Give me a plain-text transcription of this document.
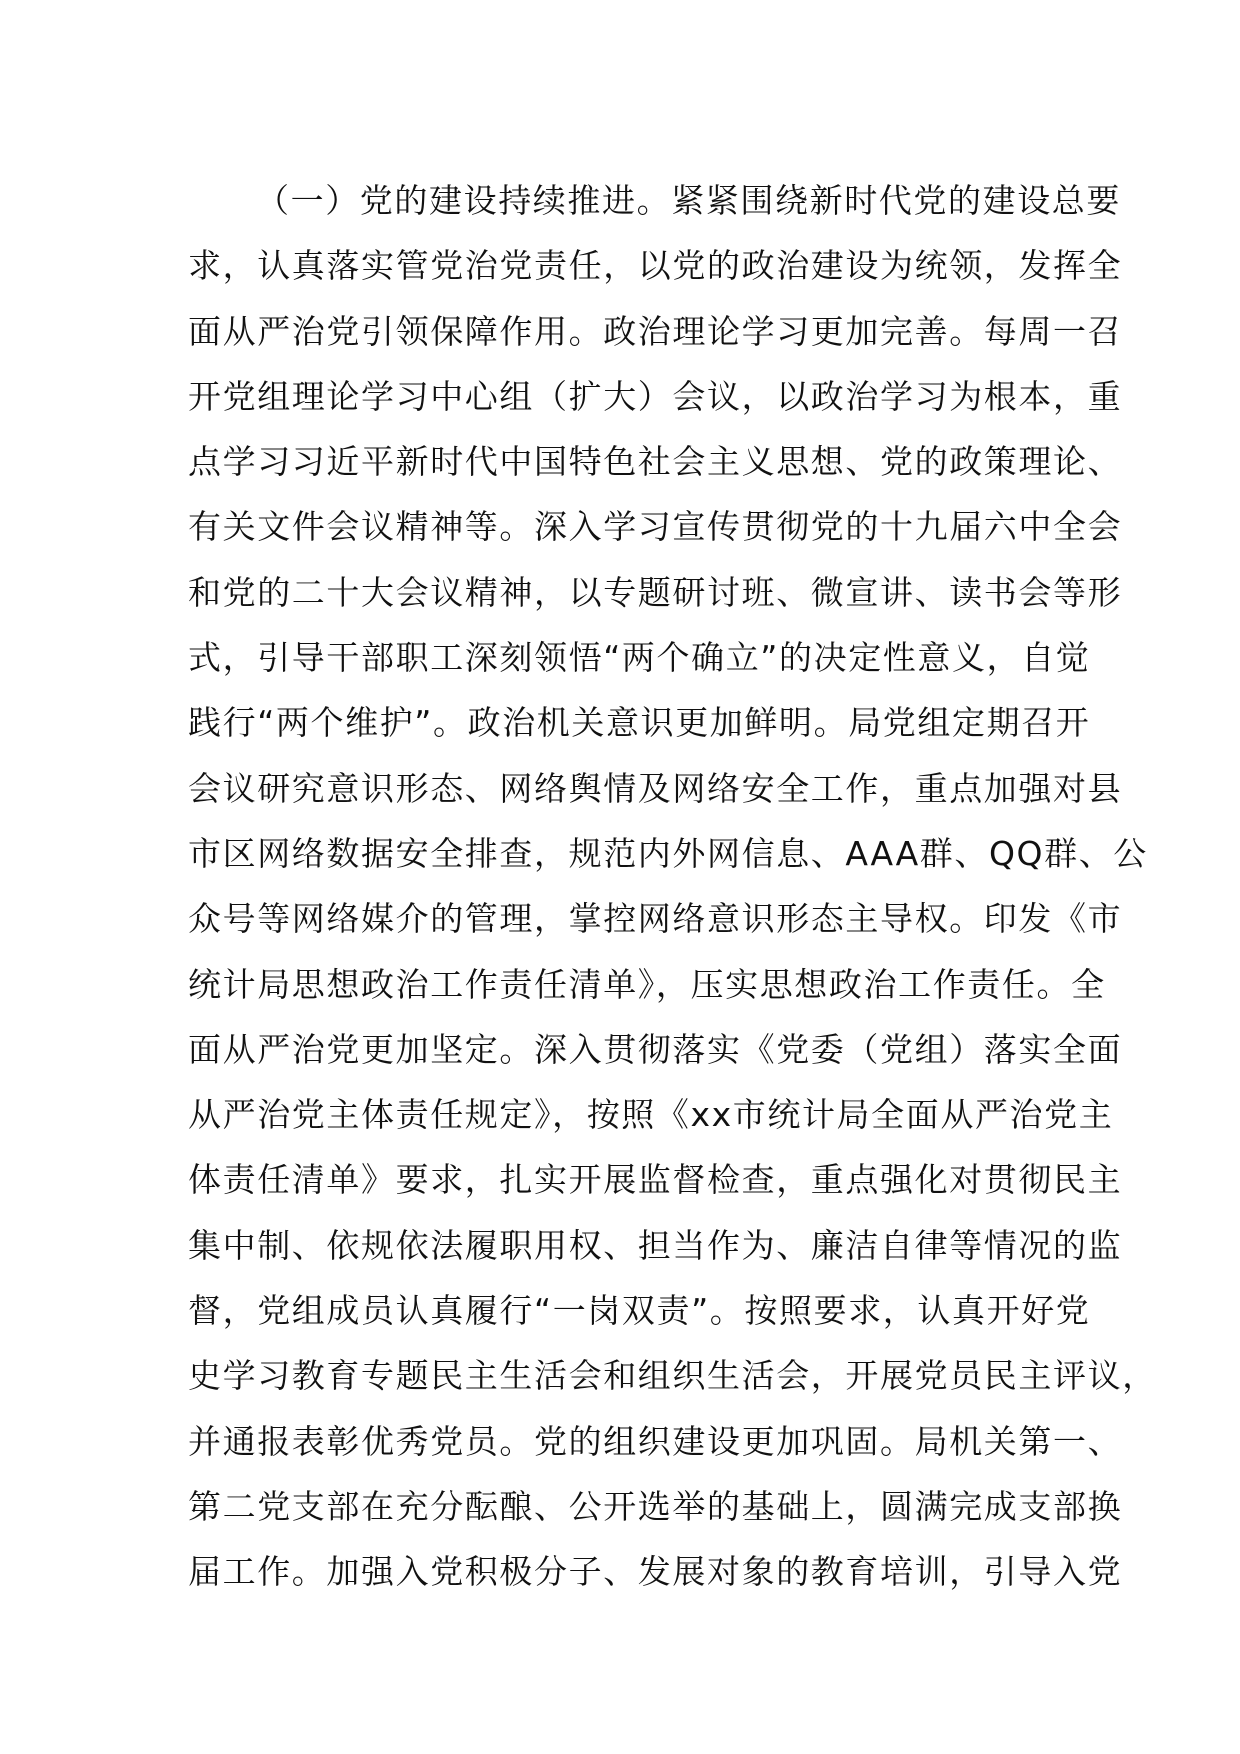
（一）党的建设持续推进。紧紧围绕新时代党的建设总要
求，认真落实管党治党责任，以党的政治建设为统领，发挥全
面从严治党引领保障作用。政治理论学习更加完善。每周一召
开党组理论学习中心组（扩大）会议，以政治学习为根本，重
点学习习近平新时代中国特色社会主义思想、党的政策理论、
有关文件会议精神等。深入学习宣传贯彻党的十九届六中全会
和党的二十大会议精神，以专题研讨班、微宣讲、读书会等形
式，引导干部职工深刻领悟“两个确立”的决定性意义，自觉
践行“两个维护”。政治机关意识更加鲜明。局党组定期召开
会议研究意识形态、网络舆情及网络安全工作，重点加强对县
市区网络数据安全排查，规范内外网信息、AAA群、QQ群、公
众号等网络媒介的管理，掌控网络意识形态主导权。印发《市
统计局思想政治工作责任清单》，压实思想政治工作责任。全
面从严治党更加坚定。深入贯彻落实《党委（党组）落实全面
从严治党主体责任规定》，按照《xx市统计局全面从严治党主
体责任清单》要求，扎实开展监督检查，重点强化对贯彻民主
集中制、依规依法履职用权、担当作为、廉洁自律等情况的监
督，党组成员认真履行“一岗双责”。按照要求，认真开好党
史学习教育专题民主生活会和组织生活会，开展党员民主评议，
并通报表彰优秀党员。党的组织建设更加巩固。局机关第一、
第二党支部在充分酝酿、公开选举的基础上，圆满完成支部换
届工作。加强入党积极分子、发展对象的教育培训，引导入党
